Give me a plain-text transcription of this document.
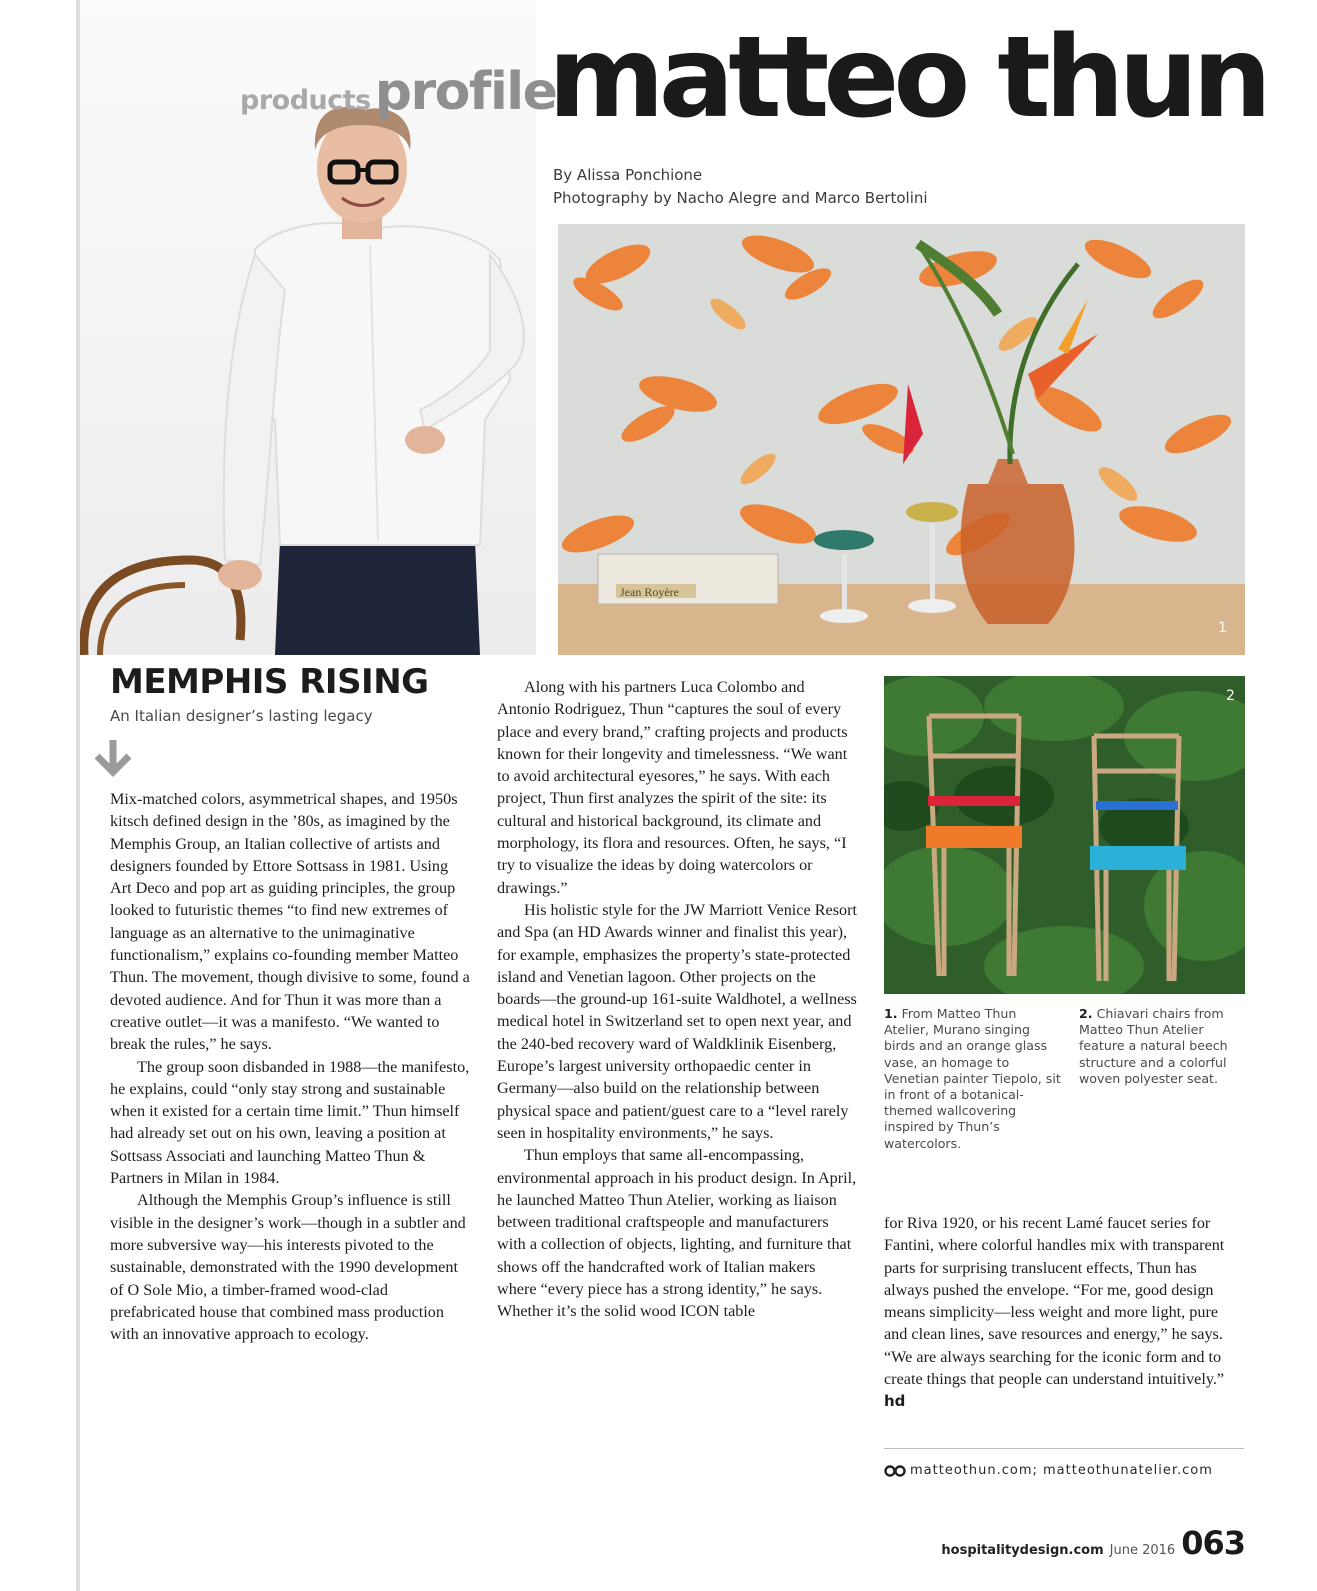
productsprofile
matteo thun
By Alissa Ponchione
Photography by Nacho Alegre and Marco Bertolini
Jean Royère
1
MEMPHIS RISING
An Italian designer’s lasting legacy

Mix-matched colors, asymmetrical shapes, and 1950s kitsch defined design in the ’80s, as imagined by the Memphis Group, an Italian collective of artists and designers founded by Ettore Sottsass in 1981. Using Art Deco and pop art as guiding principles, the group looked to futuristic themes “to find new extremes of language as an alternative to the unimaginative functionalism,” explains co-founding member Matteo Thun. The movement, though divisive to some, found a devoted audience. And for Thun it was more than a creative outlet—it was a manifesto. “We wanted to break the rules,” he says.

The group soon disbanded in 1988—the manifesto, he explains, could “only stay strong and sustainable when it existed for a certain time limit.” Thun himself had already set out on his own, leaving a position at Sottsass Associati and launching Matteo Thun & Partners in Milan in 1984.

Although the Memphis Group’s influence is still visible in the designer’s work—though in a subtler and more subversive way—his interests pivoted to the sustainable, demonstrated with the 1990 development of O Sole Mio, a timber-framed wood-clad prefabricated house that combined mass production with an innovative approach to ecology.

Along with his partners Luca Colombo and Antonio Rodriguez, Thun “captures the soul of every place and every brand,” crafting projects and products known for their longevity and timelessness. “We want to avoid architectural eyesores,” he says. With each project, Thun first analyzes the spirit of the site: its cultural and historical background, its climate and morphology, its flora and resources. Often, he says, “I try to visualize the ideas by doing watercolors or drawings.”

His holistic style for the JW Marriott Venice Resort and Spa (an HD Awards winner and finalist this year), for example, emphasizes the property’s state-protected island and Venetian lagoon. Other projects on the boards—the ground-up 161-suite Waldhotel, a wellness medical hotel in Switzerland set to open next year, and the 240-bed recovery ward of Waldklinik Eisenberg, Europe’s largest university orthopaedic center in Germany—also build on the relationship between physical space and patient/guest care to a “level rarely seen in hospitality environments,” he says.

Thun employs that same all-encompassing, environmental approach in his product design. In April, he launched Matteo Thun Atelier, working as liaison between traditional craftspeople and manufacturers with a collection of objects, lighting, and furniture that shows off the handcrafted work of Italian makers where “every piece has a strong identity,” he says. Whether it’s the solid wood ICON table

2
1. From Matteo Thun Atelier, Murano singing birds and an orange glass vase, an homage to Venetian painter Tiepolo, sit in front of a botanical-themed wallcovering inspired by Thun’s watercolors.
2. Chiavari chairs from Matteo Thun Atelier feature a natural beech structure and a colorful woven polyester seat.

for Riva 1920, or his recent Lamé faucet series for Fantini, where colorful handles mix with transparent parts for surprising translucent effects, Thun has always pushed the envelope. “For me, good design means simplicity—less weight and more light, pure and clean lines, save resources and energy,” he says. “We are always searching for the iconic form and to create things that people can understand intuitively.” hd

matteothun.com; matteothunatelier.com
hospitalitydesign.com June 2016 063
